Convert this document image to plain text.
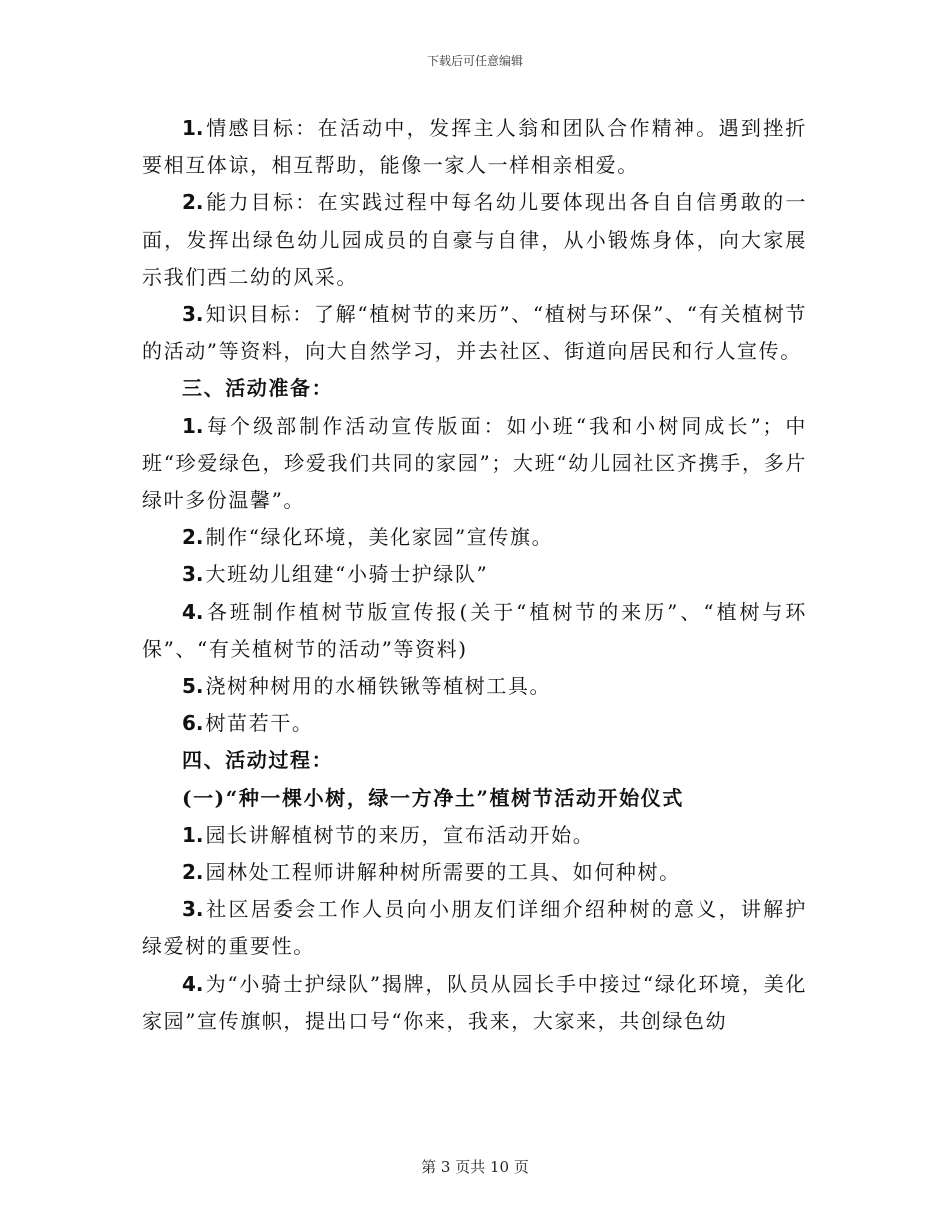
下载后可任意编辑

1. 情感目标：在活动中，发挥主人翁和团队合作精神。遇到挫折要相互体谅，相互帮助，能像一家人一样相亲相爱。

2. 能力目标：在实践过程中每名幼儿要体现出各自自信勇敢的一面，发挥出绿色幼儿园成员的自豪与自律，从小锻炼身体，向大家展示我们西二幼的风采。

3. 知识目标：了解“植树节的来历”、“植树与环保”、“有关植树节的活动”等资料，向大自然学习，并去社区、街道向居民和行人宣传。

三、活动准备：

1. 每个级部制作活动宣传版面：如小班“我和小树同成长”；中班“珍爱绿色，珍爱我们共同的家园”；大班“幼儿园社区齐携手，多片绿叶多份温馨”。

2. 制作“绿化环境，美化家园”宣传旗。

3. 大班幼儿组建“小骑士护绿队”

4. 各班制作植树节版宣传报(关于“植树节的来历”、“植树与环保”、“有关植树节的活动”等资料)

5. 浇树种树用的水桶铁锹等植树工具。

6. 树苗若干。

四、活动过程：

(一)“种一棵小树，绿一方净土”植树节活动开始仪式

1. 园长讲解植树节的来历，宣布活动开始。

2. 园林处工程师讲解种树所需要的工具、如何种树。

3. 社区居委会工作人员向小朋友们详细介绍种树的意义，讲解护绿爱树的重要性。

4. 为“小骑士护绿队”揭牌，队员从园长手中接过“绿化环境，美化家园”宣传旗帜，提出口号“你来，我来，大家来，共创绿色幼

第 3 页共 10 页
